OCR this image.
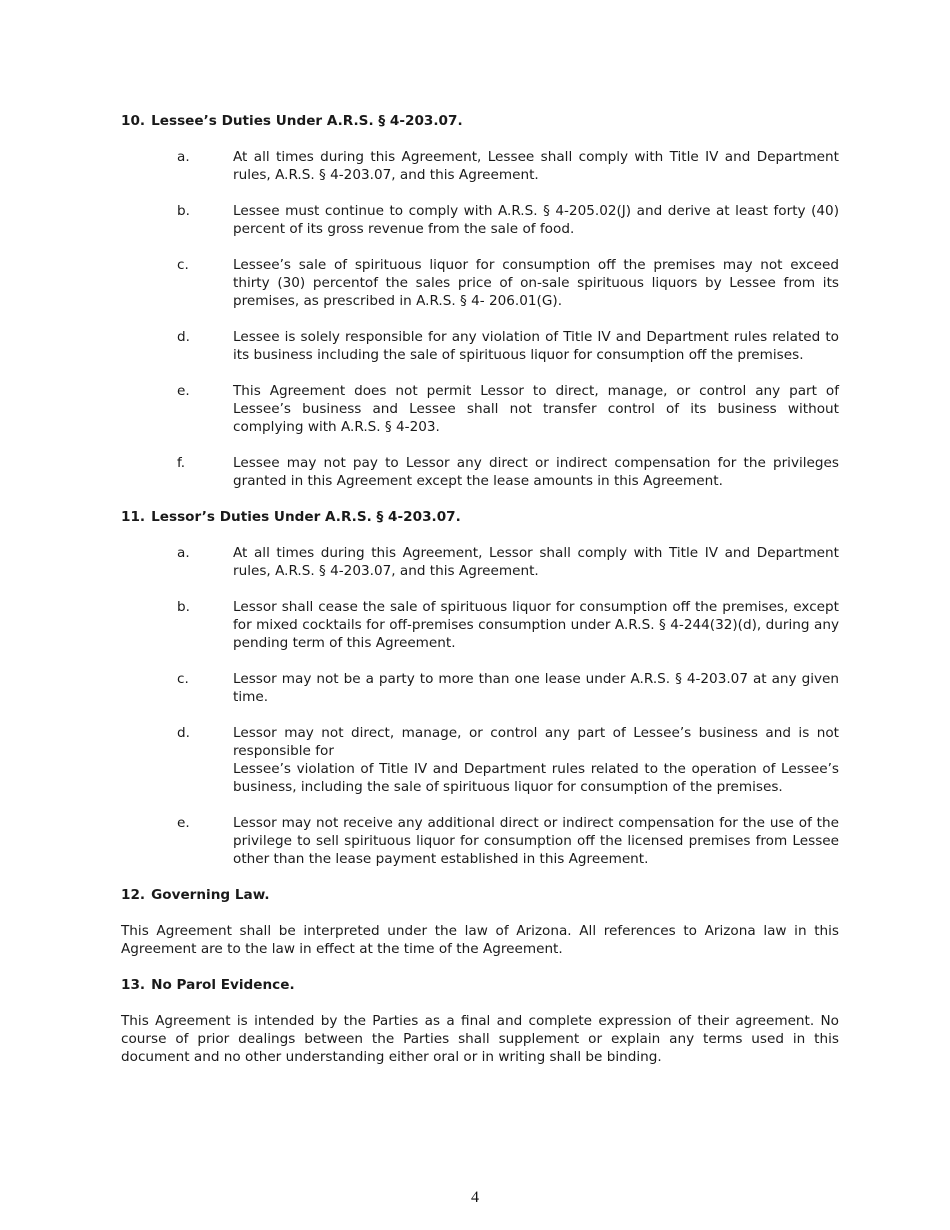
10. Lessee’s Duties Under A.R.S. § 4-203.07.
a.	At all times during this Agreement, Lessee shall comply with Title IV and Department rules, A.R.S. § 4-203.07, and this Agreement.
b.	Lessee must continue to comply with A.R.S. § 4-205.02(J) and derive at least forty (40) percent of its gross revenue from the sale of food.
c.	Lessee’s sale of spirituous liquor for consumption off the premises may not exceed thirty (30) percentof the sales price of on-sale spirituous liquors by Lessee from its premises, as prescribed in A.R.S. § 4- 206.01(G).
d.	Lessee is solely responsible for any violation of Title IV and Department rules related to its business including the sale of spirituous liquor for consumption off the premises.
e.	This Agreement does not permit Lessor to direct, manage, or control any part of Lessee’s business and Lessee shall not transfer control of its business without complying with A.R.S. § 4-203.
f.	Lessee may not pay to Lessor any direct or indirect compensation for the privileges granted in this Agreement except the lease amounts in this Agreement.
11. Lessor’s Duties Under A.R.S. § 4-203.07.
a.	At all times during this Agreement, Lessor shall comply with Title IV and Department rules, A.R.S. § 4-203.07, and this Agreement.
b.	Lessor shall cease the sale of spirituous liquor for consumption off the premises, except for mixed cocktails for off-premises consumption under A.R.S. § 4-244(32)(d), during any pending term of this Agreement.
c.	Lessor may not be a party to more than one lease under A.R.S. § 4-203.07 at any given time.
d.	Lessor may not direct, manage, or control any part of Lessee’s business and is not responsible for
Lessee’s violation of Title IV and Department rules related to the operation of Lessee’s business, including the sale of spirituous liquor for consumption of the premises.
e.	Lessor may not receive any additional direct or indirect compensation for the use of the privilege to sell spirituous liquor for consumption off the licensed premises from Lessee other than the lease payment established in this Agreement.
12. Governing Law.

This Agreement shall be interpreted under the law of Arizona. All references to Arizona law in this Agreement are to the law in effect at the time of the Agreement.

13. No Parol Evidence.

This Agreement is intended by the Parties as a final and complete expression of their agreement. No course of prior dealings between the Parties shall supplement or explain any terms used in this document and no other understanding either oral or in writing shall be binding.

4
